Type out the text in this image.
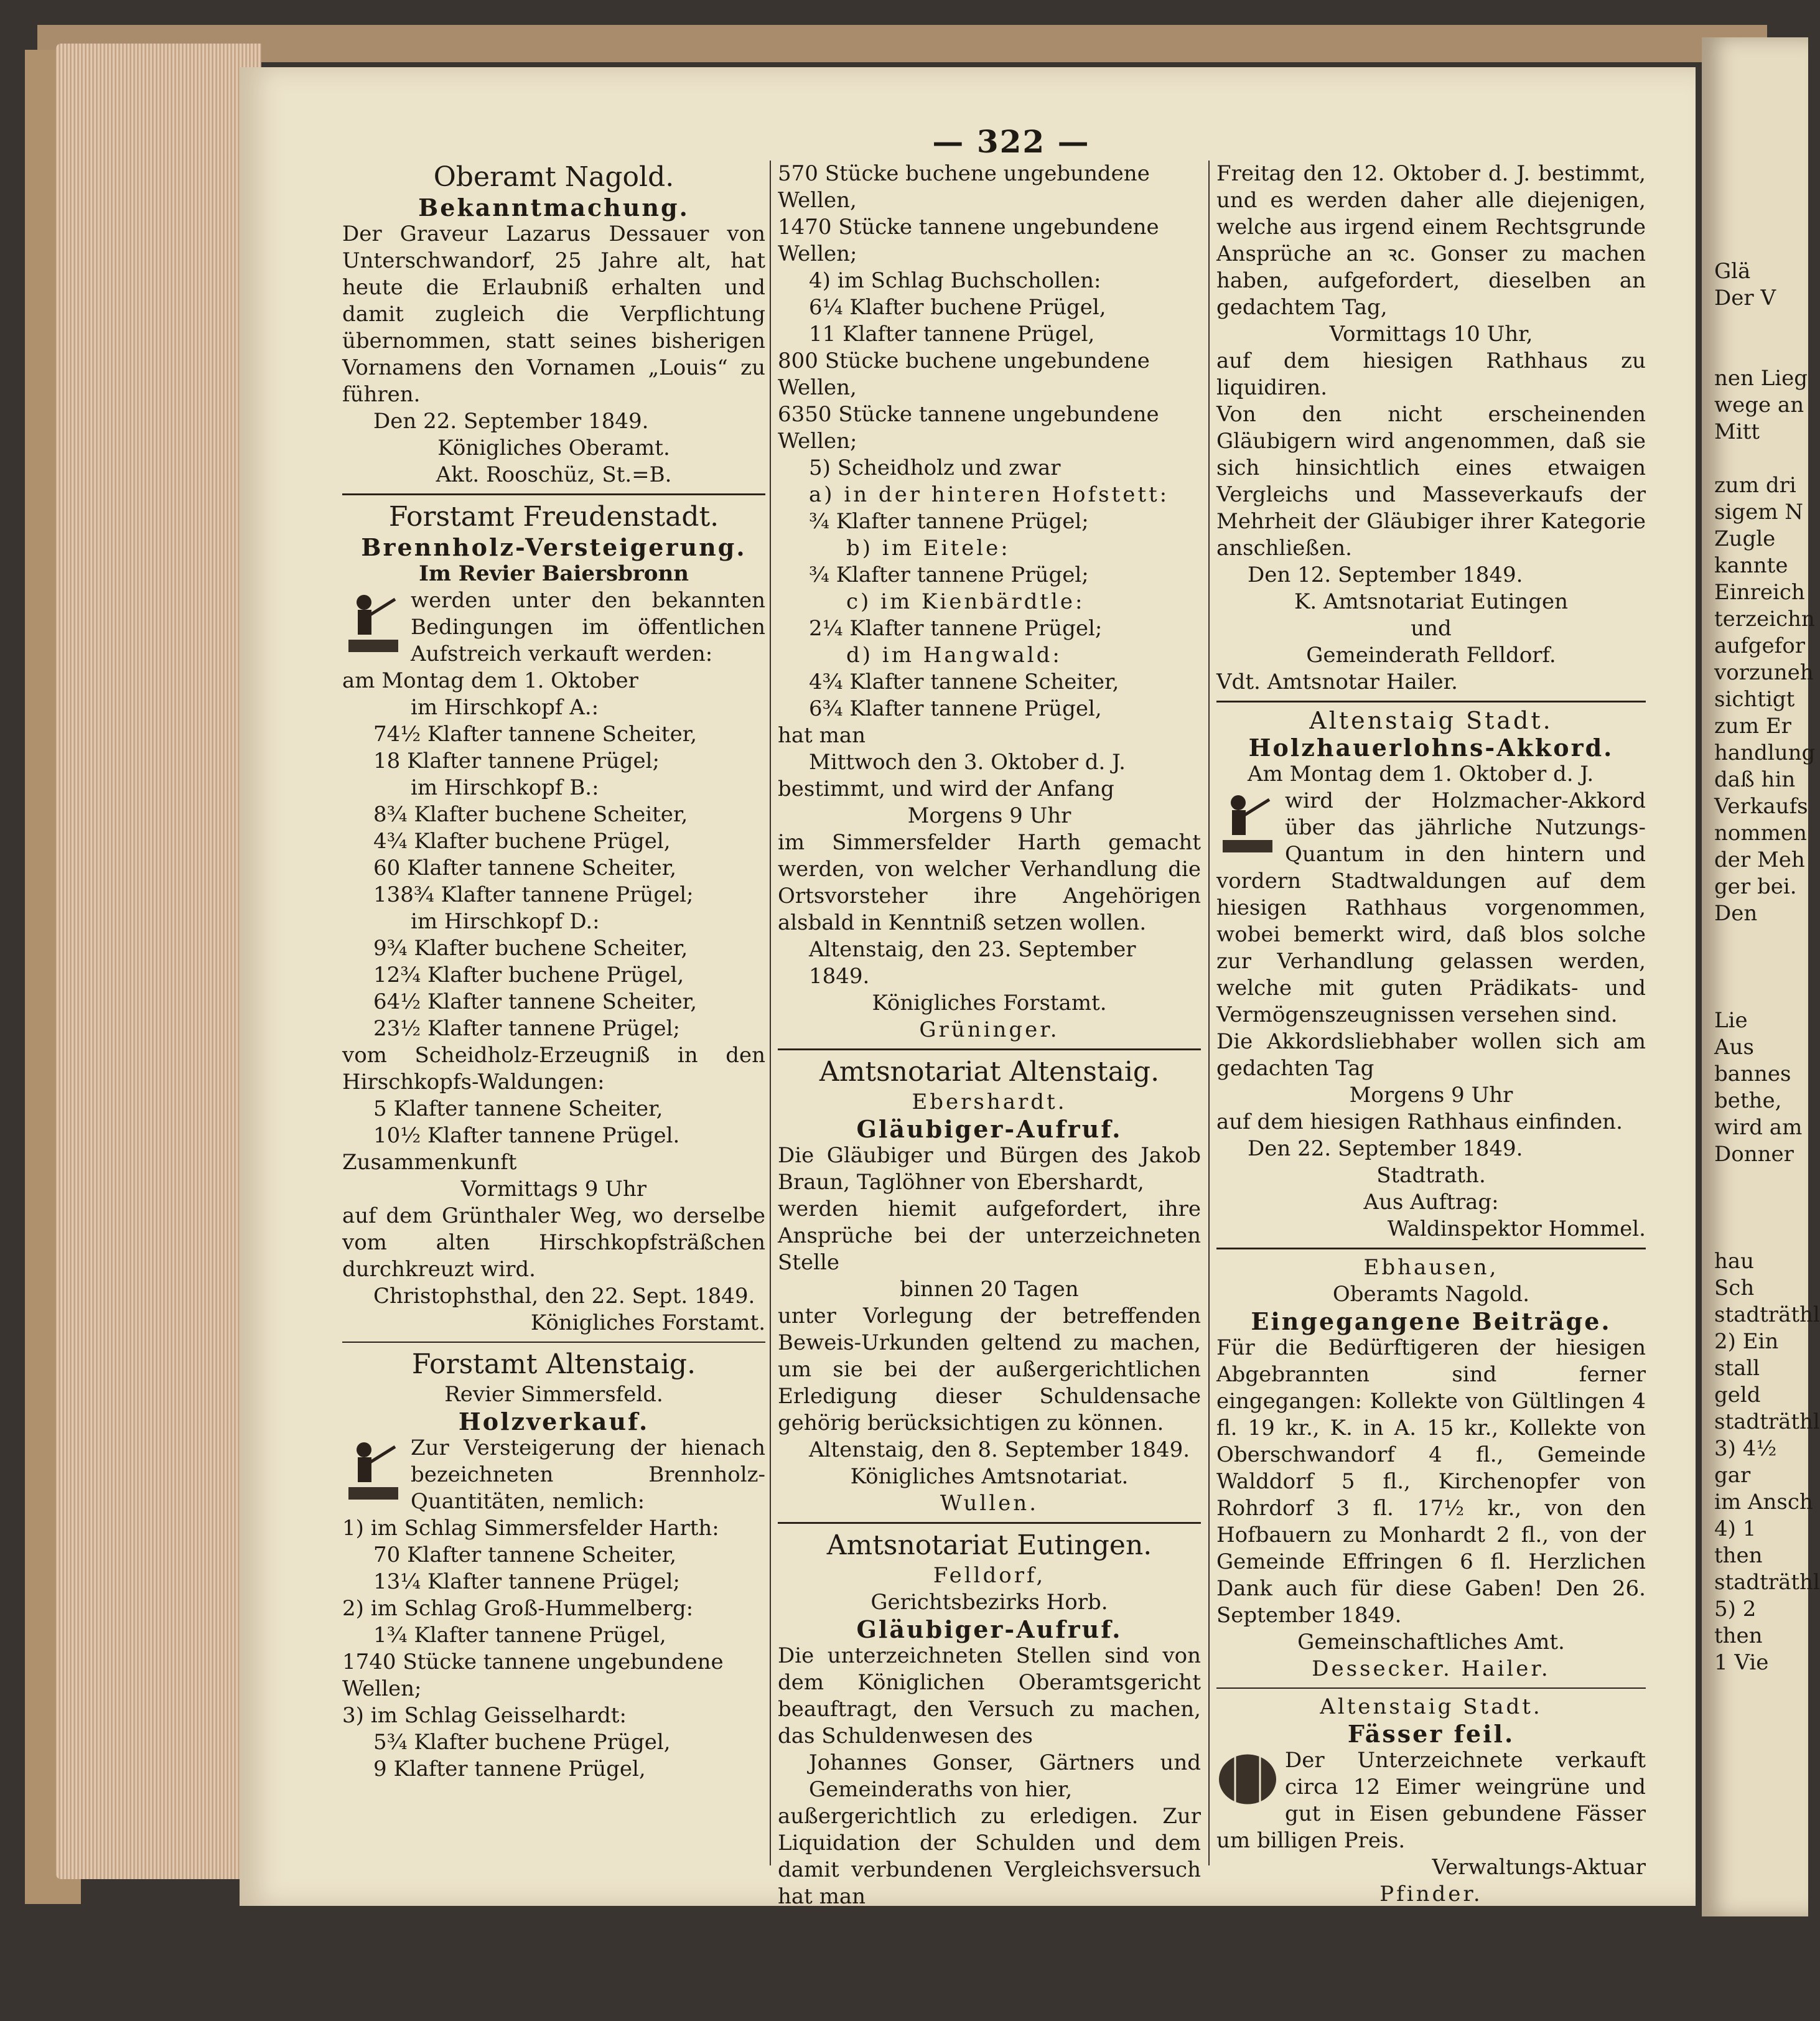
— 322 —
Oberamt Nagold.
Bekanntmachung.
Der Graveur Lazarus Dessauer von Unterschwandorf, 25 Jahre alt, hat heute die Erlaubniß erhalten und damit zugleich die Verpflichtung übernommen, statt seines bisherigen Vornamens den Vornamen „Louis“ zu führen.
Den 22. September 1849.
Königliches Oberamt.
Akt. Rooschüz, St.=B.
Forstamt Freudenstadt.
Brennholz-Versteigerung.
Im Revier Baiersbronn
werden unter den bekannten Bedingungen im öffentlichen Aufstreich verkauft werden:
am Montag dem 1. Oktober
im Hirschkopf A.:
74½ Klafter tannene Scheiter,
18 Klafter tannene Prügel;
im Hirschkopf B.:
8¾ Klafter buchene Scheiter,
4¾ Klafter buchene Prügel,
60 Klafter tannene Scheiter,
138¾ Klafter tannene Prügel;
im Hirschkopf D.:
9¾ Klafter buchene Scheiter,
12¾ Klafter buchene Prügel,
64½ Klafter tannene Scheiter,
23½ Klafter tannene Prügel;
vom Scheidholz-Erzeugniß in den Hirschkopfs-Waldungen:
5 Klafter tannene Scheiter,
10½ Klafter tannene Prügel.
Zusammenkunft
Vormittags 9 Uhr
auf dem Grünthaler Weg, wo derselbe vom alten Hirschkopfsträßchen durchkreuzt wird.
Christophsthal, den 22. Sept. 1849.
Königliches Forstamt.
Forstamt Altenstaig.
Revier Simmersfeld.
Holzverkauf.
Zur Versteigerung der hienach bezeichneten Brennholz-Quantitäten, nemlich:
1) im Schlag Simmersfelder Harth:
70 Klafter tannene Scheiter,
13¼ Klafter tannene Prügel;
2) im Schlag Groß-Hummelberg:
1¾ Klafter tannene Prügel,
1740 Stücke tannene ungebundene Wellen;
3) im Schlag Geisselhardt:
5¾ Klafter buchene Prügel,
9 Klafter tannene Prügel,
570 Stücke buchene ungebundene Wellen,
1470 Stücke tannene ungebundene Wellen;
4) im Schlag Buchschollen:
6¼ Klafter buchene Prügel,
11 Klafter tannene Prügel,
800 Stücke buchene ungebundene Wellen,
6350 Stücke tannene ungebundene Wellen;
5) Scheidholz und zwar
a) in der hinteren Hofstett:
¾ Klafter tannene Prügel;
b) im Eitele:
¾ Klafter tannene Prügel;
c) im Kienbärdtle:
2¼ Klafter tannene Prügel;
d) im Hangwald:
4¾ Klafter tannene Scheiter,
6¾ Klafter tannene Prügel,
hat man
Mittwoch den 3. Oktober d. J.
bestimmt, und wird der Anfang
Morgens 9 Uhr
im Simmersfelder Harth gemacht werden, von welcher Verhandlung die Ortsvorsteher ihre Angehörigen alsbald in Kenntniß setzen wollen.
Altenstaig, den 23. September 1849.
Königliches Forstamt.
Grüninger.
Amtsnotariat Altenstaig.
Ebershardt.
Gläubiger-Aufruf.
Die Gläubiger und Bürgen des Jakob Braun, Taglöhner von Ebershardt,
werden hiemit aufgefordert, ihre Ansprüche bei der unterzeichneten Stelle
binnen 20 Tagen
unter Vorlegung der betreffenden Beweis-Urkunden geltend zu machen, um sie bei der außergerichtlichen Erledigung dieser Schuldensache gehörig berücksichtigen zu können.
Altenstaig, den 8. September 1849.
Königliches Amtsnotariat.
Wullen.
Amtsnotariat Eutingen.
Felldorf,
Gerichtsbezirks Horb.
Gläubiger-Aufruf.
Die unterzeichneten Stellen sind von dem Königlichen Oberamtsgericht beauftragt, den Versuch zu machen, das Schuldenwesen des
Johannes Gonser, Gärtners und Gemeinderaths von hier,
außergerichtlich zu erledigen. Zur Liquidation der Schulden und dem damit verbundenen Vergleichsversuch hat man
Freitag den 12. Oktober d. J. bestimmt, und es werden daher alle diejenigen, welche aus irgend einem Rechtsgrunde Ansprüche an ꝛc. Gonser zu machen haben, aufgefordert, dieselben an gedachtem Tag,
Vormittags 10 Uhr,
auf dem hiesigen Rathhaus zu liquidiren.
Von den nicht erscheinenden Gläubigern wird angenommen, daß sie sich hinsichtlich eines etwaigen Vergleichs und Masseverkaufs der Mehrheit der Gläubiger ihrer Kategorie anschließen.
Den 12. September 1849.
K. Amtsnotariat Eutingen
und
Gemeinderath Felldorf.
Vdt. Amtsnotar Hailer.
Altenstaig Stadt.
Holzhauerlohns-Akkord.
Am Montag dem 1. Oktober d. J.
wird der Holzmacher-Akkord über das jährliche Nutzungs-Quantum in den hintern und vordern Stadtwaldungen auf dem hiesigen Rathhaus vorgenommen, wobei bemerkt wird, daß blos solche zur Verhandlung gelassen werden, welche mit guten Prädikats- und Vermögenszeugnissen versehen sind.
Die Akkordsliebhaber wollen sich am gedachten Tag
Morgens 9 Uhr
auf dem hiesigen Rathhaus einfinden.
Den 22. September 1849.
Stadtrath.
Aus Auftrag:
Waldinspektor Hommel.
Ebhausen,
Oberamts Nagold.
Eingegangene Beiträge.
Für die Bedürftigeren der hiesigen Abgebrannten sind ferner eingegangen: Kollekte von Gültlingen 4 fl. 19 kr., K. in A. 15 kr., Kollekte von Oberschwandorf 4 fl., Gemeinde Walddorf 5 fl., Kirchenopfer von Rohrdorf 3 fl. 17½ kr., von den Hofbauern zu Monhardt 2 fl., von der Gemeinde Effringen 6 fl. Herzlichen Dank auch für diese Gaben! Den 26. September 1849.
Gemeinschaftliches Amt.
Dessecker. Hailer.
Altenstaig Stadt.
Fässer feil.
Der Unterzeichnete verkauft circa 12 Eimer weingrüne und gut in Eisen gebundene Fässer um billigen Preis.
Verwaltungs-Aktuar
Pfinder.
Glä
Der V

nen Lieg
wege an
Mitt

zum dri
sigem N
Zugle
kannte
Einreich
terzeichn
aufgefor
vorzuneh
sichtigt
zum Er
handlung
daß hin
Verkaufs
nommen
der Meh
ger bei.
Den

Lie
Aus
bannes
bethe,
wird am
Donner

hau
Sch
stadträthl
2) Ein
stall
geld
stadträthl
3) 4½
gar
im Ansch
4) 1
then
stadträthl
5) 2
then
1 Vie
